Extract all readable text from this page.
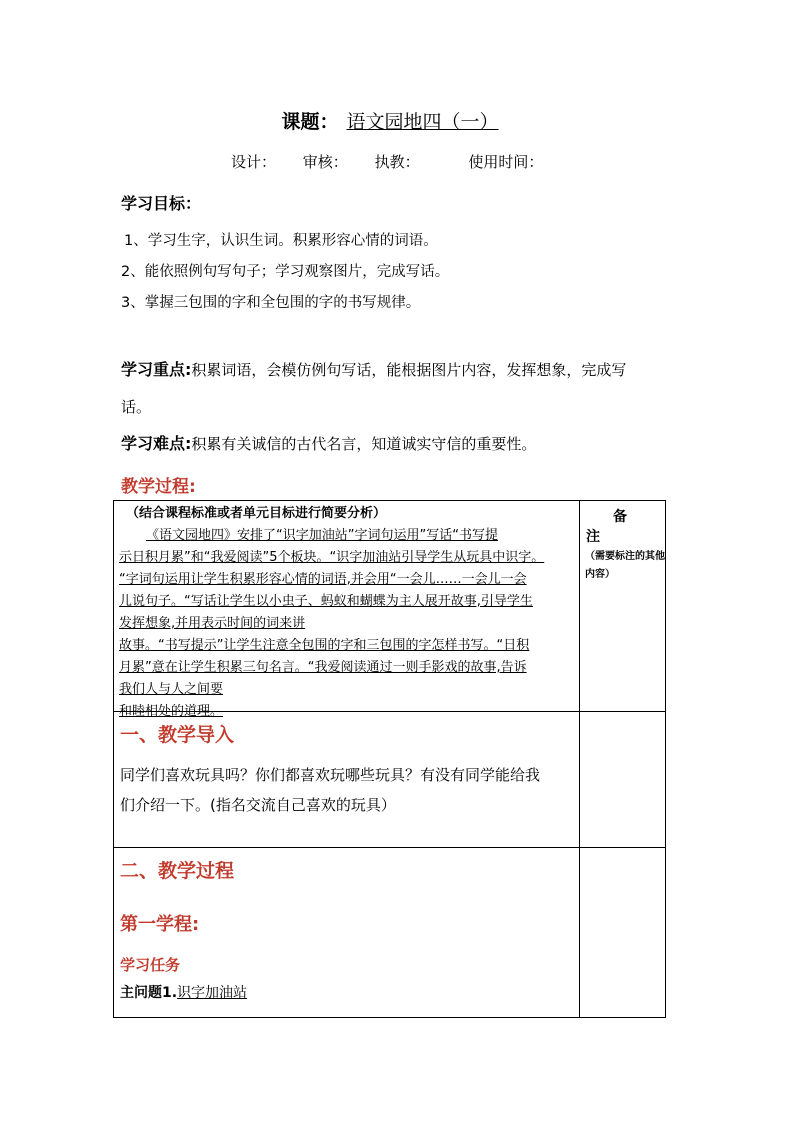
课题： 语文园地四（一）
设计： 审核： 执教：	使用时间：
学习目标：
1、学习生字，认识生词。积累形容心情的词语。
2、能依照例句写句子；学习观察图片，完成写话。
3、掌握三包围的字和全包围的字的书写规律。
学习重点:积累词语，会模仿例句写话，能根据图片内容，发挥想象，完成写
话。
学习难点:积累有关诚信的古代名言，知道诚实守信的重要性。
教学过程:
（结合课程标准或者单元目标进行简要分析）

《语文园地四》安排了“识字加油站”字词句运用”写话“书写提

示日积月累”和“我爱阅读”5个板块。“识字加油站引导学生从玩具中识字。

“字词句运用让学生积累形容心情的词语,并会用“一会儿……一会儿一会

儿说句子。“写话让学生以小虫子、蚂蚁和蝴蝶为主人展开故事,引导学生

发挥想象,并用表示时间的词来讲

故事。“书写提示”让学生注意全包围的字和三包围的字怎样书写。“日积

月累”意在让学生积累三句名言。“我爱阅读通过一则手影戏的故事,告诉

我们人与人之间要

和睦相处的道理。

备
注
（需要标注的其他内容）
一、教学导入
同学们喜欢玩具吗？你们都喜欢玩哪些玩具？有没有同学能给我
们介绍一下。(指名交流自己喜欢的玩具）
二、教学过程
第一学程:
学习任务
主问题1.识字加油站
